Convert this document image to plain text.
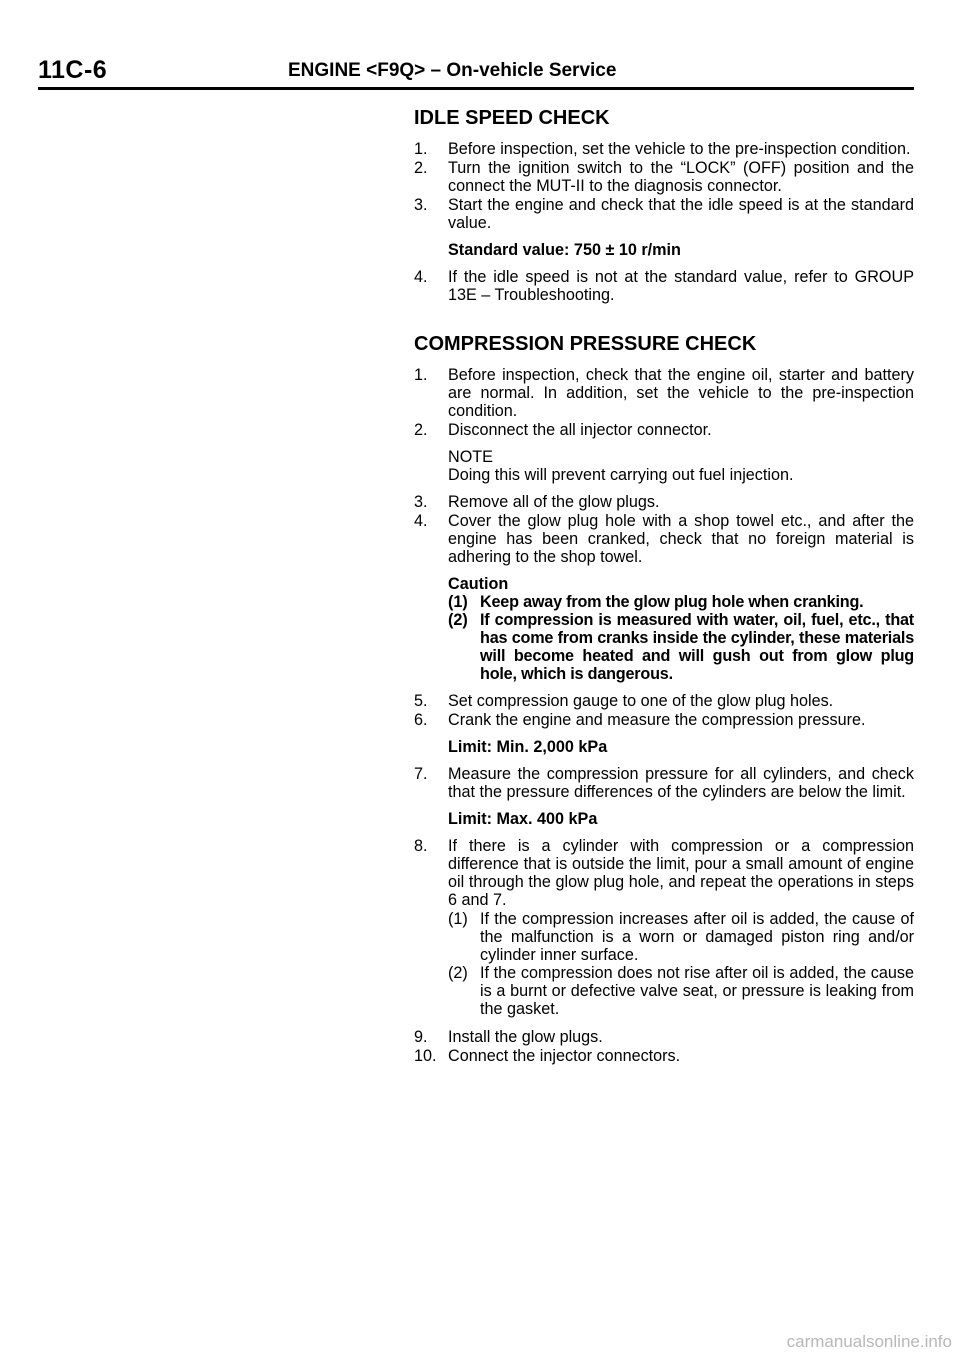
11C-6	ENGINE <F9Q> – On-vehicle Service
IDLE SPEED CHECK
1.	Before inspection, set the vehicle to the pre-inspection condition.
2.	Turn the ignition switch to the “LOCK” (OFF) position and the connect the MUT-II to the diagnosis connector.
3.	Start the engine and check that the idle speed is at the standard value.
Standard value: 750 ± 10 r/min
4.	If the idle speed is not at the standard value, refer to GROUP 13E – Troubleshooting.
COMPRESSION PRESSURE CHECK
1.	Before inspection, check that the engine oil, starter and battery are normal. In addition, set the vehicle to the pre-inspection condition.
2.	Disconnect the all injector connector.
NOTE
Doing this will prevent carrying out fuel injection.
3.	Remove all of the glow plugs.
4.	Cover the glow plug hole with a shop towel etc., and after the engine has been cranked, check that no foreign material is adhering to the shop towel.
Caution
(1) Keep away from the glow plug hole when cranking.
(2) If compression is measured with water, oil, fuel, etc., that has come from cranks inside the cylinder, these materials will become heated and will gush out from glow plug hole, which is dangerous.
5.	Set compression gauge to one of the glow plug holes.
6.	Crank the engine and measure the compression pressure.
Limit: Min. 2,000 kPa
7.	Measure the compression pressure for all cylinders, and check that the pressure differences of the cylinders are below the limit.
Limit: Max. 400 kPa
8.	If there is a cylinder with compression or a compression difference that is outside the limit, pour a small amount of engine oil through the glow plug hole, and repeat the operations in steps 6 and 7.
(1) If the compression increases after oil is added, the cause of the malfunction is a worn or damaged piston ring and/or cylinder inner surface.
(2) If the compression does not rise after oil is added, the cause is a burnt or defective valve seat, or pressure is leaking from the gasket.
9.	Install the glow plugs.
10. Connect the injector connectors.
carmanualsonline.info
